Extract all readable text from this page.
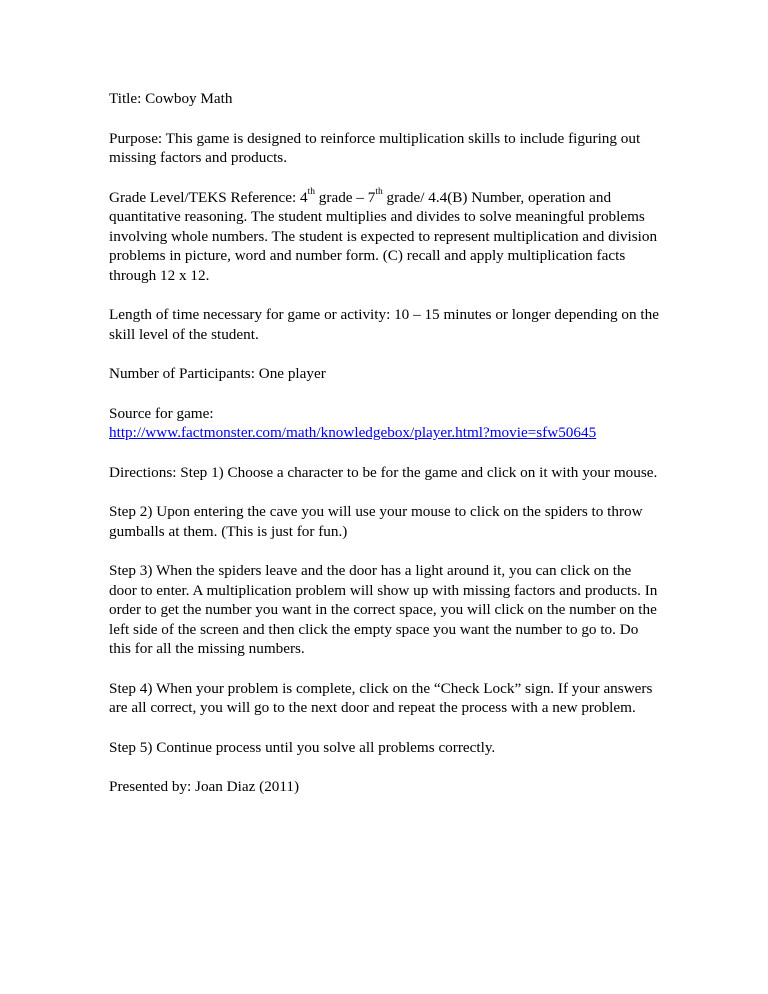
Title: Cowboy Math

Purpose: This game is designed to reinforce multiplication skills to include figuring out missing factors and products.

Grade Level/TEKS Reference: 4th grade – 7th grade/ 4.4(B) Number, operation and quantitative reasoning. The student multiplies and divides to solve meaningful problems involving whole numbers. The student is expected to represent multiplication and division problems in picture, word and number form. (C) recall and apply multiplication facts through 12 x 12.

Length of time necessary for game or activity: 10 – 15 minutes or longer depending on the skill level of the student.

Number of Participants: One player

Source for game:
http://www.factmonster.com/math/knowledgebox/player.html?movie=sfw50645

Directions: Step 1) Choose a character to be for the game and click on it with your mouse.

Step 2) Upon entering the cave you will use your mouse to click on the spiders to throw gumballs at them. (This is just for fun.)

Step 3) When the spiders leave and the door has a light around it, you can click on the door to enter. A multiplication problem will show up with missing factors and products. In order to get the number you want in the correct space, you will click on the number on the left side of the screen and then click the empty space you want the number to go to. Do this for all the missing numbers.

Step 4) When your problem is complete, click on the “Check Lock” sign. If your answers are all correct, you will go to the next door and repeat the process with a new problem.

Step 5) Continue process until you solve all problems correctly.

Presented by: Joan Diaz (2011)
